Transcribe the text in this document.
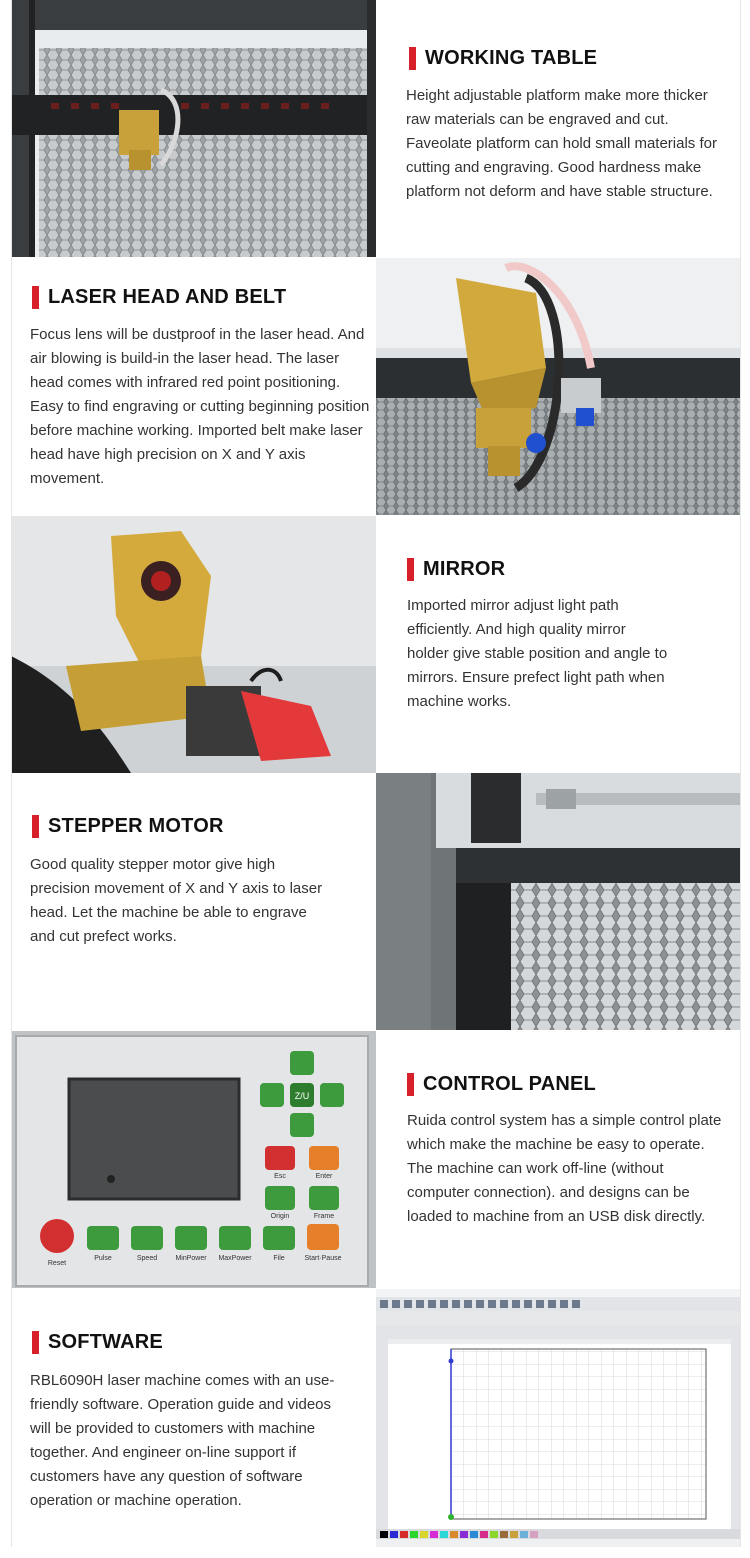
WORKING TABLE

Height adjustable platform make more thicker raw materials can be engraved and cut. Faveolate platform can hold small materials for cutting and engraving. Good hardness make platform not deform and have stable structure.

LASER HEAD AND BELT

Focus lens will be dustproof in the laser head. And air blowing is build-in the laser head. The laser head comes with infrared red point positioning. Easy to find engraving or cutting beginning position before machine working. Imported belt make laser head have high precision on X and Y axis movement.

MIRROR

Imported mirror adjust light path efficiently. And high quality mirror holder give stable position and angle to mirrors. Ensure prefect light path when machine works.

STEPPER MOTOR

Good quality stepper motor give high precision movement of X and Y axis to laser head. Let the machine be able to engrave and cut prefect works.

Z/U
Esc	Enter
Origin	Frame
Reset
Pulse	Speed	MinPower MaxPower	File	Start·Pause
CONTROL PANEL

Ruida control system has a simple control plate which make the machine be easy to operate. The machine can work off-line (without computer connection). and designs can be loaded to machine from an USB disk directly.

SOFTWARE

RBL6090H laser machine comes with an use-friendly software. Operation guide and videos will be provided to customers with machine together. And engineer on-line support if customers have any question of software operation or machine operation.
